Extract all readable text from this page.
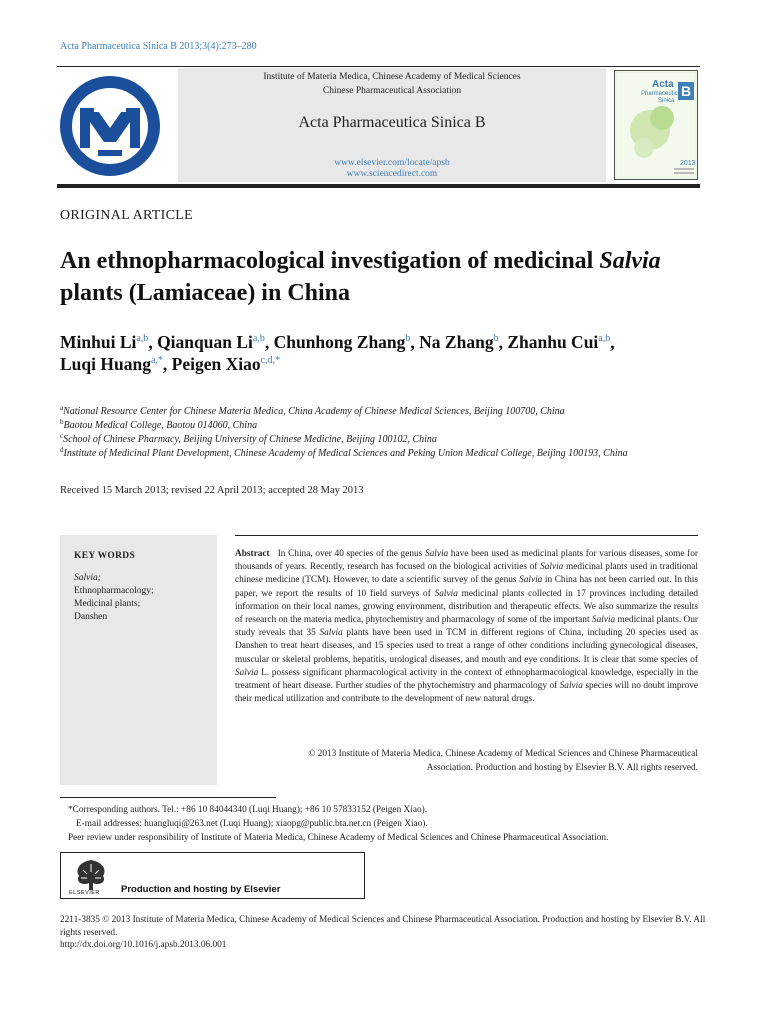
Acta Pharmaceutica Sinica B 2013;3(4):273–280
Institute of Materia Medica, Chinese Academy of Medical Sciences
Chinese Pharmaceutical Association
Acta Pharmaceutica Sinica B
www.elsevier.com/locate/apsb
www.sciencedirect.com
B
Acta
Pharmaceutica
Sinica
2013
ORIGINAL ARTICLE
An ethnopharmacological investigation of medicinal Salvia plants (Lamiaceae) in China
Minhui Li$^{a,b}$, Qianquan Li$^{a,b}$, Chunhong Zhang$^b$, Na Zhang$^b$, Zhanhu Cui$^{a,b}$,
Luqi Huang$^{a,*}$, Peigen Xiao$^{c,d,*}$
$^a$National Resource Center for Chinese Materia Medica, China Academy of Chinese Medical Sciences, Beijing 100700, China
$^b$Baotou Medical College, Baotou 014060, China
$^c$School of Chinese Pharmacy, Beijing University of Chinese Medicine, Beijing 100102, China
$^d$Institute of Medicinal Plant Development, Chinese Academy of Medical Sciences and Peking Union Medical College, Beijing 100193, China
Received 15 March 2013; revised 22 April 2013; accepted 28 May 2013
KEY WORDS
Salvia;
Ethnopharmacology;
Medicinal plants;
Danshen
Abstract In China, over 40 species of the genus Salvia have been used as medicinal plants for various diseases, some for thousands of years. Recently, research has focused on the biological activities of Salvia medicinal plants used in traditional chinese medicine (TCM). However, to date a scientific survey of the genus Salvia in China has not been carried out. In this paper, we report the results of 10 field surveys of Salvia medicinal plants collected in 17 provinces including detailed information on their local names, growing environment, distribution and therapeutic effects. We also summarize the results of research on the materia medica, phytochemistry and pharmacology of some of the important Salvia medicinal plants. Our study reveals that 35 Salvia plants have been used in TCM in different regions of China, including 20 species used as Danshen to treat heart diseases, and 15 species used to treat a range of other conditions including gynecological diseases, muscular or skeletal problems, hepatitis, urological diseases, and mouth and eye conditions. It is clear that some species of Salvia L. possess significant pharmacological activity in the context of ethnopharmacological knowledge, especially in the treatment of heart disease. Further studies of the phytochemistry and pharmacology of Salvia species will no doubt improve their medical utilization and contribute to the development of new natural drugs.
© 2013 Institute of Materia Medica, Chinese Academy of Medical Sciences and Chinese Pharmaceutical
Association. Production and hosting by Elsevier B.V. All rights reserved.
*Corresponding authors. Tel.: +86 10 84044340 (Luqi Huang); +86 10 57833152 (Peigen Xiao).
E-mail addresses: huangluqi@263.net (Luqi Huang); xiaopg@public.bta.net.cn (Peigen Xiao).
Peer review under responsibility of Institute of Materia Medica, Chinese Academy of Medical Sciences and Chinese Pharmaceutical Association.
ELSEVIER Production and hosting by Elsevier
2211-3835 © 2013 Institute of Materia Medica, Chinese Academy of Medical Sciences and Chinese Pharmaceutical Association. Production and hosting by Elsevier B.V. All rights reserved.
http://dx.doi.org/10.1016/j.apsb.2013.06.001
